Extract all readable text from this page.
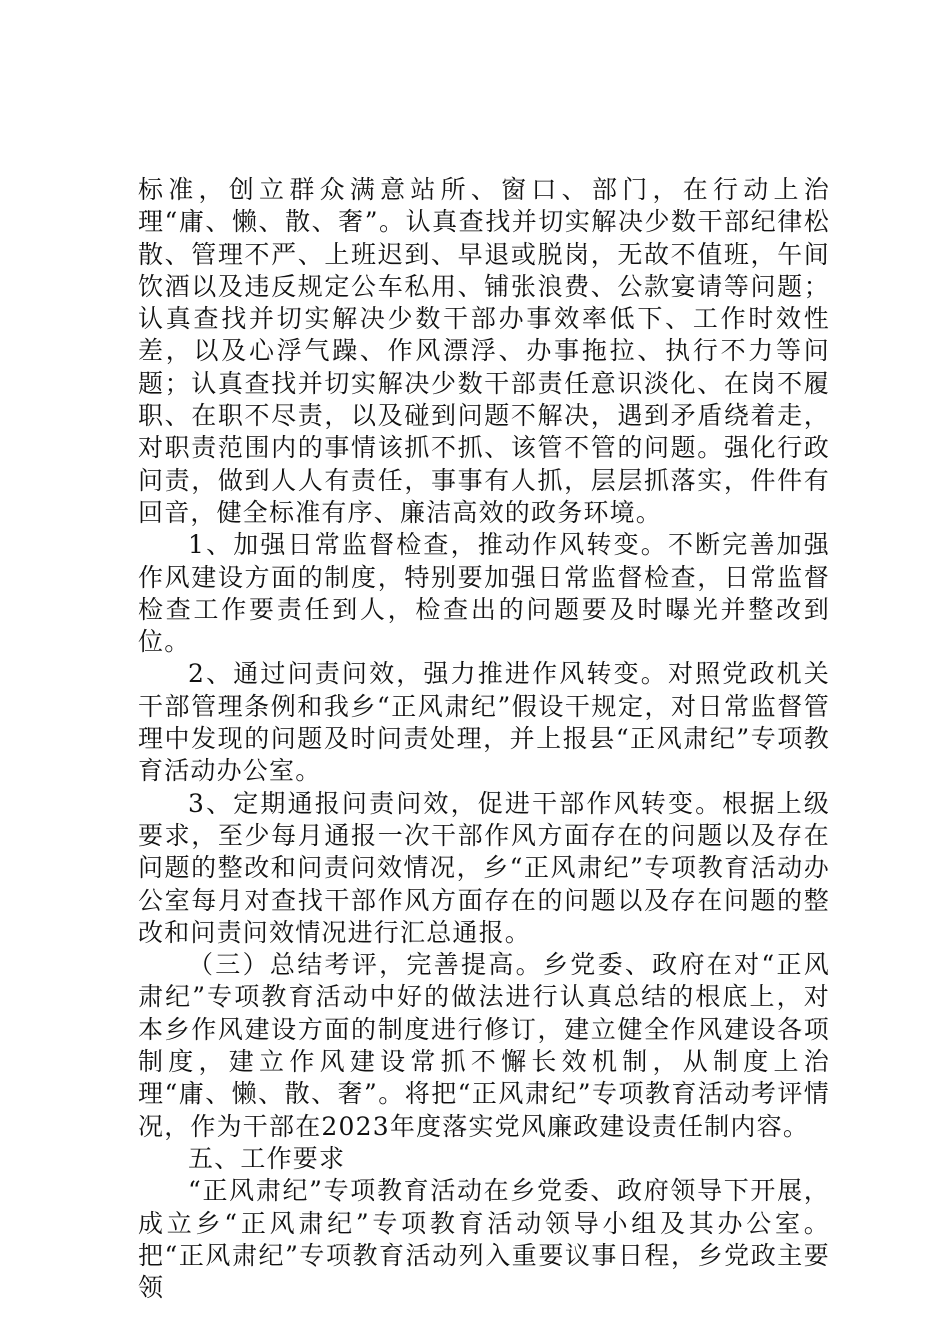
标准，创立群众满意站所、窗口、部门，在行动上治理“庸、懒、散、奢”。认真查找并切实解决少数干部纪律松散、管理不严、上班迟到、早退或脱岗，无故不值班，午间饮酒以及违反规定公车私用、铺张浪费、公款宴请等问题；认真查找并切实解决少数干部办事效率低下、工作时效性差，以及心浮气躁、作风漂浮、办事拖拉、执行不力等问题；认真查找并切实解决少数干部责任意识淡化、在岗不履职、在职不尽责，以及碰到问题不解决，遇到矛盾绕着走，对职责范围内的事情该抓不抓、该管不管的问题。强化行政问责，做到人人有责任，事事有人抓，层层抓落实，件件有回音，健全标准有序、廉洁高效的政务环境。

1、加强日常监督检查，推动作风转变。不断完善加强作风建设方面的制度，特别要加强日常监督检查，日常监督检查工作要责任到人，检查出的问题要及时曝光并整改到位。

2、通过问责问效，强力推进作风转变。对照党政机关干部管理条例和我乡“正风肃纪”假设干规定，对日常监督管理中发现的问题及时问责处理，并上报县“正风肃纪”专项教育活动办公室。

3、定期通报问责问效，促进干部作风转变。根据上级要求，至少每月通报一次干部作风方面存在的问题以及存在问题的整改和问责问效情况，乡“正风肃纪”专项教育活动办公室每月对查找干部作风方面存在的问题以及存在问题的整改和问责问效情况进行汇总通报。

（三）总结考评，完善提高。乡党委、政府在对“正风肃纪”专项教育活动中好的做法进行认真总结的根底上，对本乡作风建设方面的制度进行修订，建立健全作风建设各项制度，建立作风建设常抓不懈长效机制，从制度上治理“庸、懒、散、奢”。将把“正风肃纪”专项教育活动考评情况，作为干部在2023年度落实党风廉政建设责任制内容。

五、工作要求

“正风肃纪”专项教育活动在乡党委、政府领导下开展，成立乡“正风肃纪”专项教育活动领导小组及其办公室。把“正风肃纪”专项教育活动列入重要议事日程，乡党政主要领
